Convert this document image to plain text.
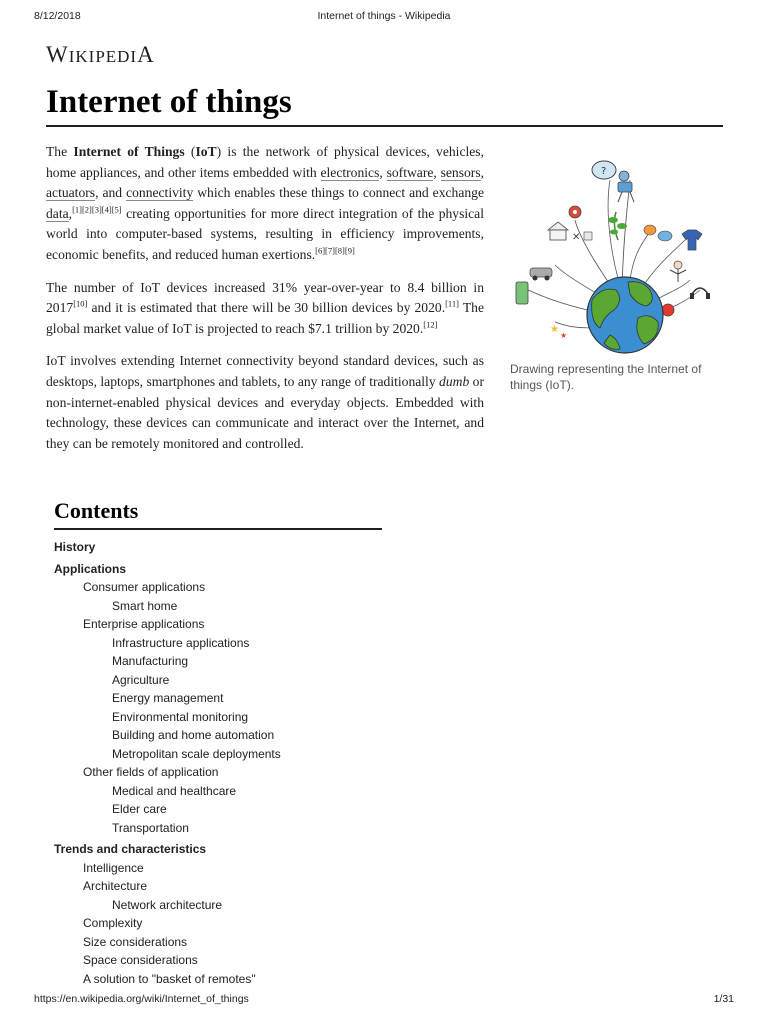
8/12/2018	Internet of things - Wikipedia
WIKIPEDIA
Internet of things

The Internet of Things (IoT) is the network of physical devices, vehicles, home appliances, and other items embedded with electronics, software, sensors, actuators, and connectivity which enables these things to connect and exchange data,[1][2][3][4][5] creating opportunities for more direct integration of the physical world into computer-based systems, resulting in efficiency improvements, economic benefits, and reduced human exertions.[6][7][8][9]

The number of IoT devices increased 31% year-over-year to 8.4 billion in 2017[10] and it is estimated that there will be 30 billion devices by 2020.[11] The global market value of IoT is projected to reach $7.1 trillion by 2020.[12]

IoT involves extending Internet connectivity beyond standard devices, such as desktops, laptops, smartphones and tablets, to any range of traditionally dumb or non-internet-enabled physical devices and everyday objects. Embedded with technology, these devices can communicate and interact over the Internet, and they can be remotely monitored and controlled.

?
✕
★
★
Drawing representing the Internet of things (IoT).
Contents
History
Applications
Consumer applications
Smart home
Enterprise applications
Infrastructure applications
Manufacturing
Agriculture
Energy management
Environmental monitoring
Building and home automation
Metropolitan scale deployments
Other fields of application
Medical and healthcare
Elder care
Transportation
Trends and characteristics
Intelligence
Architecture
Network architecture
Complexity
Size considerations
Space considerations
A solution to "basket of remotes"
https://en.wikipedia.org/wiki/Internet_of_things	1/31
